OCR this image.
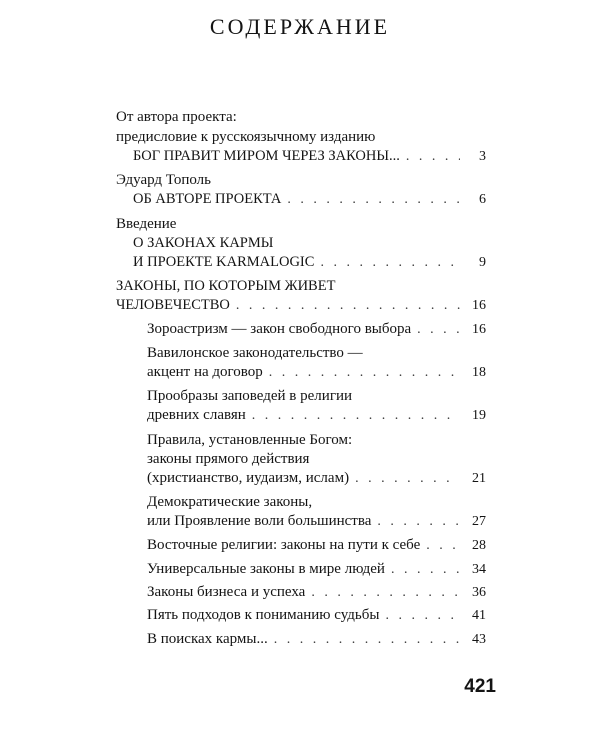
СОДЕРЖАНИЕ
От автора проекта:
предисловие к русскоязычному изданию
БОГ ПРАВИТ МИРОМ ЧЕРЕЗ ЗАКОНЫ... . . .	3
Эдуард Тополь
ОБ АВТОРЕ ПРОЕКТА . . .	6
Введение
О ЗАКОНАХ КАРМЫ
И ПРОЕКТЕ KARMALOGIC . . .	9
ЗАКОНЫ, ПО КОТОРЫМ ЖИВЕТ
ЧЕЛОВЕЧЕСТВО . . .	16
Зороастризм — закон свободного выбора . . .	16
Вавилонское законодательство —
акцент на договор . . .	18
Прообразы заповедей в религии
древних славян . . .	19
Правила, установленные Богом:
законы прямого действия
(христианство, иудаизм, ислам) . . .	21
Демократические законы,
или Проявление воли большинства . . .	27
Восточные религии: законы на пути к себе . . .	28
Универсальные законы в мире людей . . .	34
Законы бизнеса и успеха . . .	36
Пять подходов к пониманию судьбы . . .	41
В поисках кармы... . . .	43
421
